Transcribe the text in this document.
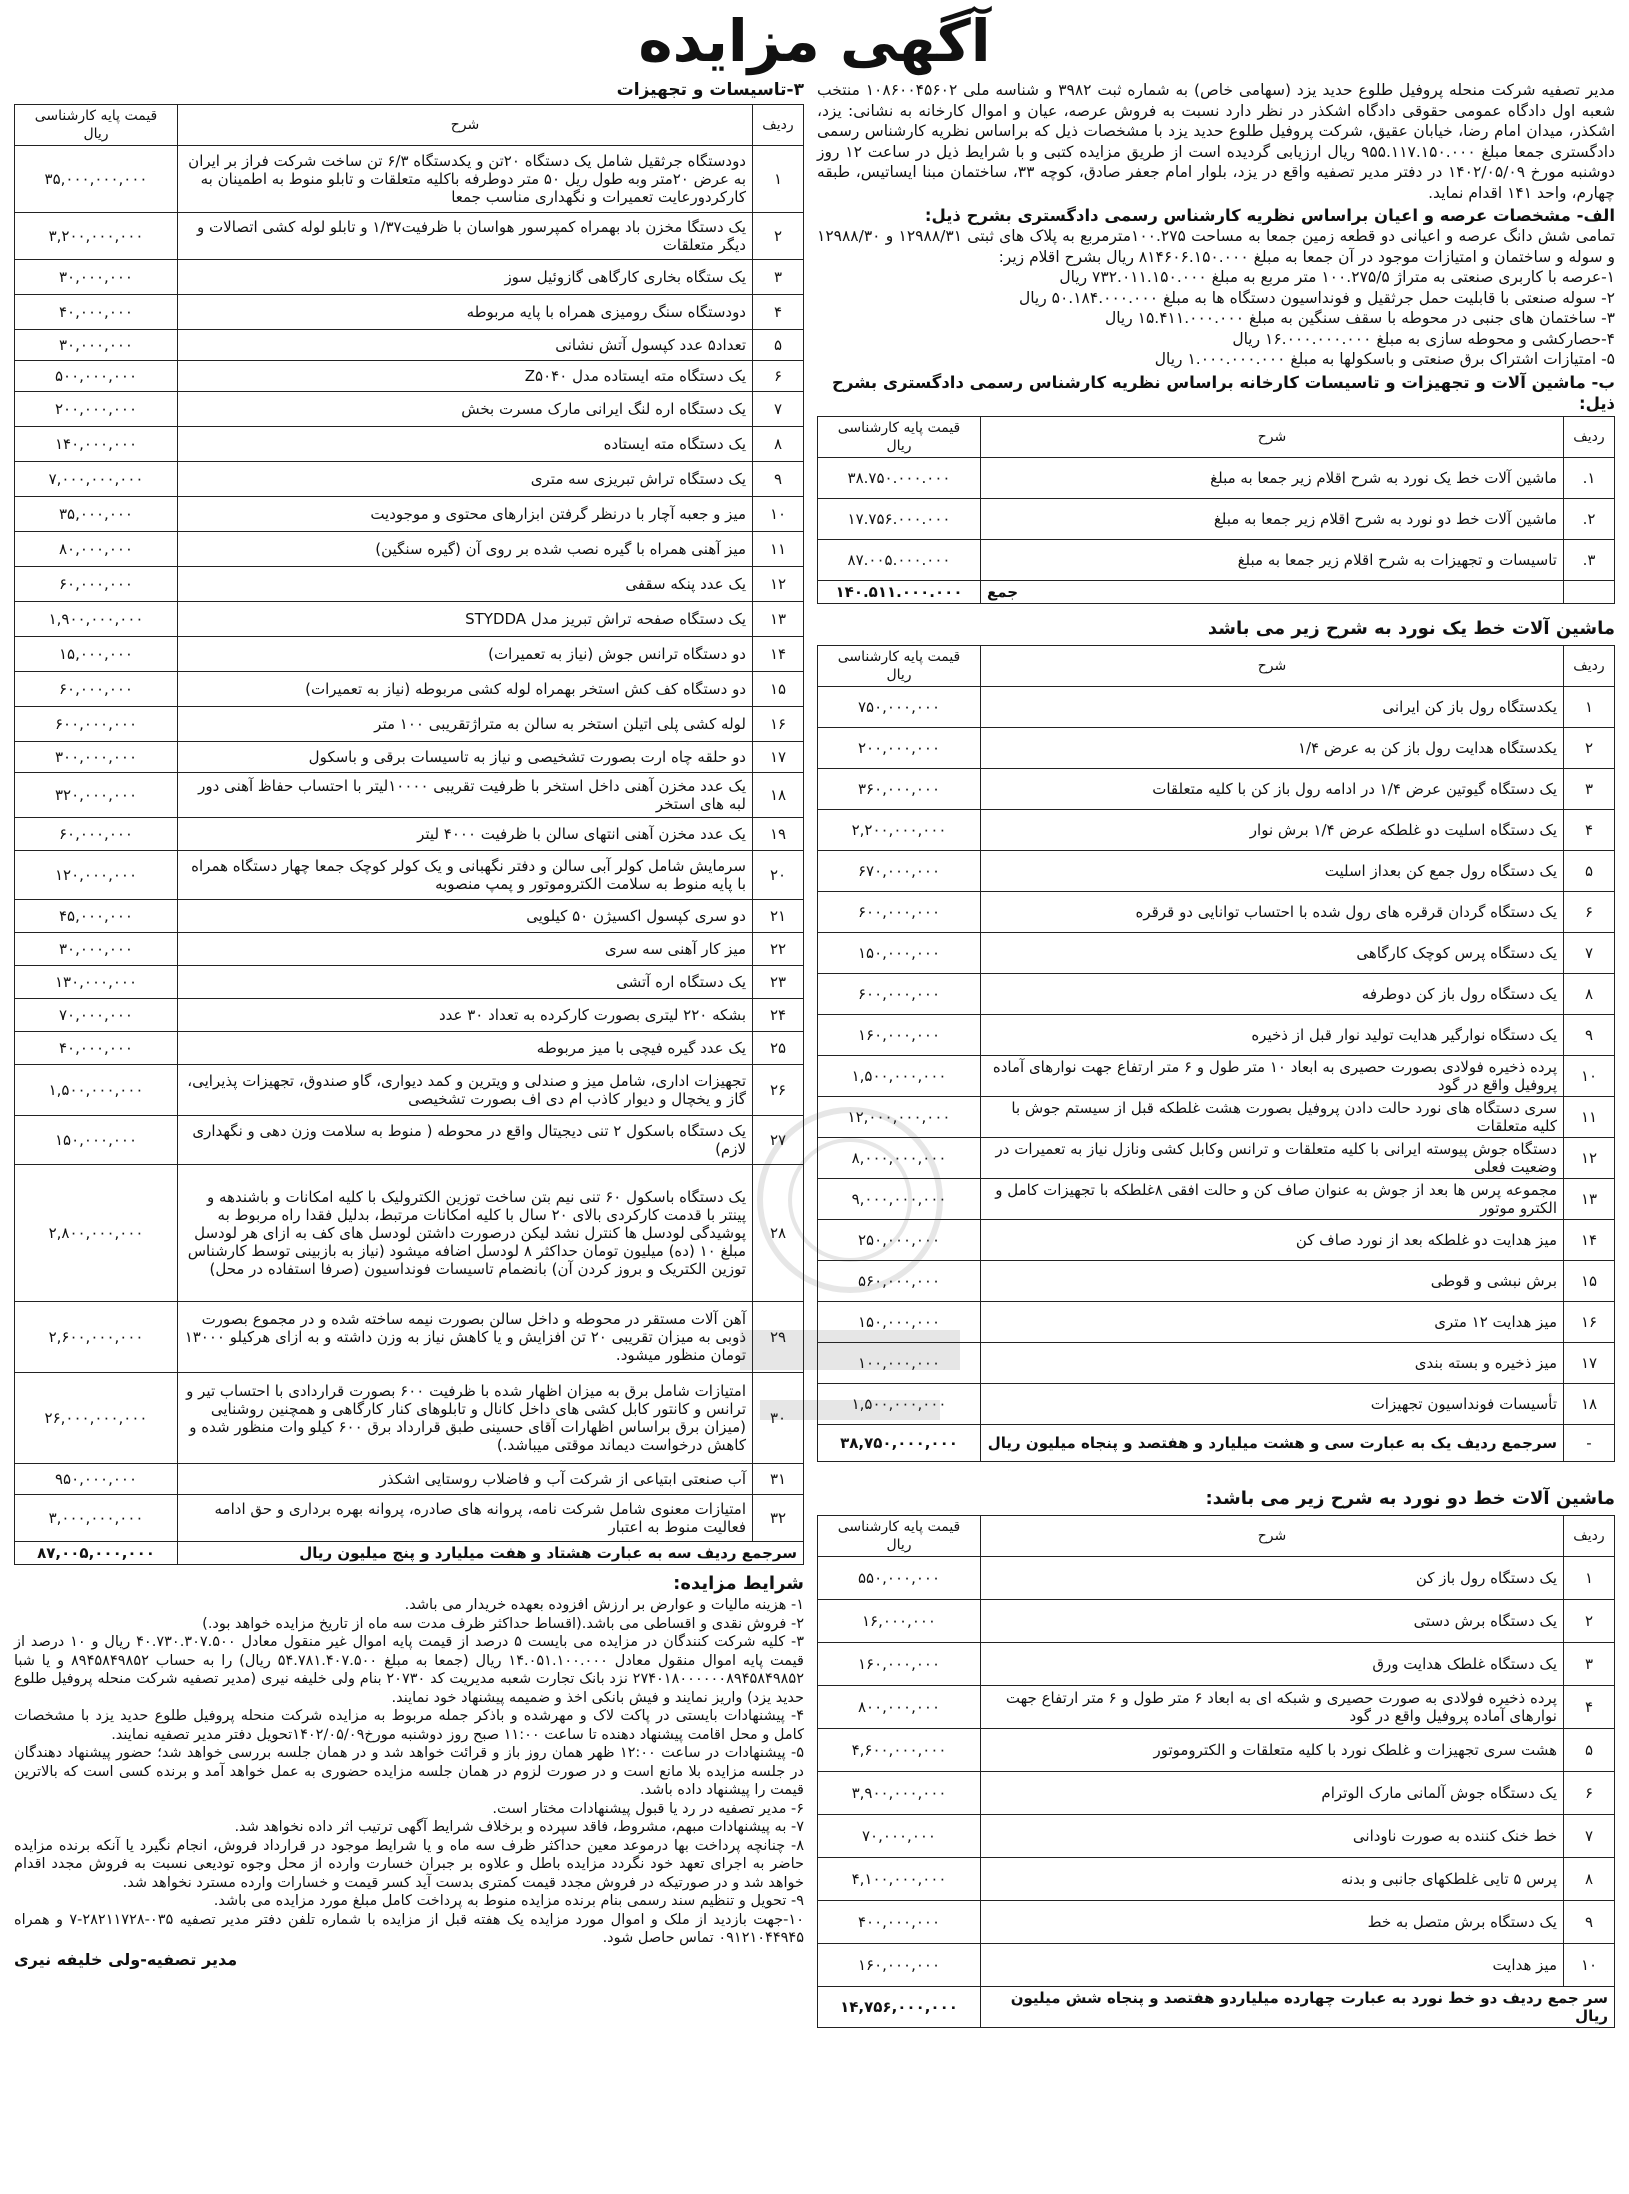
آگهی مزایده

مدیر تصفیه شرکت منحله پروفیل طلوع حدید یزد (سهامی خاص) به شماره ثبت ۳۹۸۲ و شناسه ملی ۱۰۸۶۰۰۴۵۶۰۲ منتخب شعبه اول دادگاه عمومی حقوقی دادگاه اشکذر در نظر دارد نسبت به فروش عرصه، عیان و اموال کارخانه به نشانی: یزد، اشکذر، میدان امام رضا، خیابان عقیق، شرکت پروفیل طلوع حدید یزد با مشخصات ذیل که براساس نظریه کارشناس رسمی دادگستری جمعا مبلغ ۹۵۵.۱۱۷.۱۵۰.۰۰۰ ریال ارزیابی گردیده است از طریق مزایده کتبی و با شرایط ذیل در ساعت ۱۲ روز دوشنبه مورخ ۱۴۰۲/۰۵/۰۹ در دفتر مدیر تصفیه واقع در یزد، بلوار امام جعفر صادق، کوچه ۳۳، ساختمان مبنا ایساتیس، طبقه چهارم، واحد ۱۴۱ اقدام نماید.

الف- مشخصات عرصه و اعیان براساس نظریه کارشناس رسمی دادگستری بشرح ذیل:

تمامی شش دانگ عرصه و اعیانی دو قطعه زمین جمعا به مساحت ۱۰۰.۲۷۵متر‌مربع به پلاک های ثبتی ۱۲۹۸۸/۳۱ و ۱۲۹۸۸/۳۰ و سوله و ساختمان و امتیازات موجود در آن جمعا به مبلغ ۸۱۴۶۰۶.۱۵۰.۰۰۰ ریال بشرح اقلام زیر:

۱-عرصه با کاربری صنعتی به متراژ ۱۰۰.۲۷۵/۵ متر مربع به مبلغ ۷۳۲.۰۱۱.۱۵۰.۰۰۰ ریال
۲- سوله صنعتی با قابلیت حمل جرثقیل و فونداسیون دستگاه ها به مبلغ ۵۰.۱۸۴.۰۰۰.۰۰۰ ریال
۳- ساختمان های جنبی در محوطه با سقف سنگین به مبلغ ۱۵.۴۱۱.۰۰۰.۰۰۰ ریال
۴-حصارکشی و محوطه سازی به مبلغ ۱۶.۰۰۰.۰۰۰.۰۰۰ ریال
۵- امتیازات اشتراک برق صنعتی و باسکولها به مبلغ ۱.۰۰۰.۰۰۰.۰۰۰ ریال
ب- ماشین آلات و تجهیزات و تاسیسات کارخانه براساس نظریه کارشناس رسمی دادگستری بشرح ذیل:
ردیف	شرح	قیمت پایه کارشناسی ریال
۱.	ماشین آلات خط یک نورد به شرح اقلام زیر جمعا به مبلغ	۳۸.۷۵۰.۰۰۰.۰۰۰
۲.	ماشین آلات خط دو نورد به شرح اقلام زیر جمعا به مبلغ	۱۷.۷۵۶.۰۰۰.۰۰۰
۳.	تاسیسات و تجهیزات به شرح اقلام زیر جمعا به مبلغ	۸۷.۰۰۵.۰۰۰.۰۰۰
	جمع	۱۴۰.۵۱۱.۰۰۰.۰۰۰
ماشین آلات خط یک نورد به شرح زیر می باشد
ردیف	شرح	قیمت پایه کارشناسی ریال
۱	یکدستگاه رول باز کن ایرانی	۷۵۰,۰۰۰,۰۰۰
۲	یکدستگاه هدایت رول باز کن به عرض ۱/۴	۲۰۰,۰۰۰,۰۰۰
۳	یک دستگاه گیوتین عرض ۱/۴ در ادامه رول باز کن با کلیه متعلقات	۳۶۰,۰۰۰,۰۰۰
۴	یک دستگاه اسلیت دو غلطکه عرض ۱/۴ برش نوار	۲,۲۰۰,۰۰۰,۰۰۰
۵	یک دستگاه رول جمع کن بعداز اسلیت	۶۷۰,۰۰۰,۰۰۰
۶	یک دستگاه گردان قرقره های رول شده با احتساب توانایی دو قرقره	۶۰۰,۰۰۰,۰۰۰
۷	یک دستگاه پرس کوچک کارگاهی	۱۵۰,۰۰۰,۰۰۰
۸	یک دستگاه رول باز کن دوطرفه	۶۰۰,۰۰۰,۰۰۰
۹	یک دستگاه نوارگیر هدایت تولید نوار قبل از ذخیره	۱۶۰,۰۰۰,۰۰۰
۱۰	پرده ذخیره فولادی بصورت حصیری به ابعاد ۱۰ متر طول و ۶ متر ارتفاع جهت نوارهای آماده پروفیل واقع در گود	۱,۵۰۰,۰۰۰,۰۰۰
۱۱	سری دستگاه های نورد حالت دادن پروفیل بصورت هشت غلطکه قبل از سیستم جوش با کلیه متعلقات	۱۲,۰۰۰,۰۰۰,۰۰۰
۱۲	دستگاه جوش پیوسته ایرانی با کلیه متعلقات و ترانس وکابل کشی ونازل نیاز به تعمیرات در وضعیت فعلی	۸,۰۰۰,۰۰۰,۰۰۰
۱۳	مجموعه پرس ها بعد از جوش به عنوان صاف کن و حالت افقی ۸غلطکه با تجهیزات کامل و الکترو موتور	۹,۰۰۰,۰۰۰,۰۰۰
۱۴	میز هدایت دو غلطکه بعد از نورد صاف کن	۲۵۰,۰۰۰,۰۰۰
۱۵	برش نبشی و قوطی	۵۶۰,۰۰۰,۰۰۰
۱۶	میز هدایت ۱۲ متری	۱۵۰,۰۰۰,۰۰۰
۱۷	میز ذخیره و بسته بندی	۱۰۰,۰۰۰,۰۰۰
۱۸	تأسیسات فونداسیون تجهیزات	۱,۵۰۰,۰۰۰,۰۰۰
-	سرجمع ردیف یک به عبارت سی و هشت میلیارد و هفتصد و پنجاه میلیون ریال	۳۸,۷۵۰,۰۰۰,۰۰۰
ماشین آلات خط دو نورد به شرح زیر می باشد:
ردیف	شرح	قیمت پایه کارشناسی ریال
۱	یک دستگاه رول باز کن	۵۵۰,۰۰۰,۰۰۰
۲	یک دستگاه برش دستی	۱۶,۰۰۰,۰۰۰
۳	یک دستگاه غلطک هدایت ورق	۱۶۰,۰۰۰,۰۰۰
۴	پرده ذخیره فولادی به صورت حصیری و شبکه ای به ابعاد ۶ متر طول و ۶ متر ارتفاع جهت نوارهای آماده پروفیل واقع در گود	۸۰۰,۰۰۰,۰۰۰
۵	هشت سری تجهیزات و غلطک نورد با کلیه متعلقات و الکتروموتور	۴,۶۰۰,۰۰۰,۰۰۰
۶	یک دستگاه جوش آلمانی مارک الوترام	۳,۹۰۰,۰۰۰,۰۰۰
۷	خط خنک کننده به صورت ناودانی	۷۰,۰۰۰,۰۰۰
۸	پرس ۵ تایی غلطکهای جانبی و بدنه	۴,۱۰۰,۰۰۰,۰۰۰
۹	یک دستگاه برش متصل به خط	۴۰۰,۰۰۰,۰۰۰
۱۰	میز هدایت	۱۶۰,۰۰۰,۰۰۰
سر جمع ردیف دو خط نورد به عبارت چهارده میلیاردو هفتصد و پنجاه شش میلیون ریال		۱۴,۷۵۶,۰۰۰,۰۰۰
۳-تاسیسات و تجهیزات
ردیف	شرح	قیمت پایه کارشناسی ریال
۱	دودستگاه جرثقیل شامل یک دستگاه ۲۰تن و یکدستگاه ۶/۳ تن ساخت شرکت فراز بر ایران به عرض ۲۰متر وبه طول ریل ۵۰ متر دوطرفه باکلیه متعلقات و تابلو منوط به اطمینان به کارکردورعایت تعمیرات و نگهداری مناسب جمعا	۳۵,۰۰۰,۰۰۰,۰۰۰
۲	یک دستگا مخزن باد بهمراه کمپرسور هواسان با ظرفیت۱/۳۷ و تابلو لوله کشی اتصالات و دیگر متعلقات	۳,۲۰۰,۰۰۰,۰۰۰
۳	یک ستگاه بخاری کارگاهی گازوئیل سوز	۳۰,۰۰۰,۰۰۰
۴	دودستگاه سنگ رومیزی همراه با پایه مربوطه	۴۰,۰۰۰,۰۰۰
۵	تعداد۵ عدد کپسول آتش نشانی	۳۰,۰۰۰,۰۰۰
۶	یک دستگاه مته ایستاده مدل Z۵۰۴۰	۵۰۰,۰۰۰,۰۰۰
۷	یک دستگاه اره لنگ ایرانی مارک مسرت بخش	۲۰۰,۰۰۰,۰۰۰
۸	یک دستگاه مته ایستاده	۱۴۰,۰۰۰,۰۰۰
۹	یک دستگاه تراش تبریزی سه متری	۷,۰۰۰,۰۰۰,۰۰۰
۱۰	میز و جعبه آچار با درنظر گرفتن ابزارهای محتوی و موجودیت	۳۵,۰۰۰,۰۰۰
۱۱	میز آهنی همراه با گیره نصب شده بر روی آن (گیره سنگین)	۸۰,۰۰۰,۰۰۰
۱۲	یک عدد پنکه سقفی	۶۰,۰۰۰,۰۰۰
۱۳	یک دستگاه صفحه تراش تبریز مدل STYDDA	۱,۹۰۰,۰۰۰,۰۰۰
۱۴	دو دستگاه ترانس جوش (نیاز به تعمیرات)	۱۵,۰۰۰,۰۰۰
۱۵	دو دستگاه کف کش استخر بهمراه لوله کشی مربوطه (نیاز به تعمیرات)	۶۰,۰۰۰,۰۰۰
۱۶	لوله کشی پلی اتیلن استخر به سالن به متراژتقریبی ۱۰۰ متر	۶۰۰,۰۰۰,۰۰۰
۱۷	دو حلقه چاه ارت بصورت تشخیصی و نیاز به تاسیسات برقی و باسکول	۳۰۰,۰۰۰,۰۰۰
۱۸	یک عدد مخزن آهنی داخل استخر با ظرفیت تقریبی ۱۰۰۰۰لیتر با احتساب حفاظ آهنی دور لبه های استخر	۳۲۰,۰۰۰,۰۰۰
۱۹	یک عدد مخزن آهنی انتهای سالن با ظرفیت ۴۰۰۰ لیتر	۶۰,۰۰۰,۰۰۰
۲۰	سرمایش شامل کولر آبی سالن و دفتر نگهبانی و یک کولر کوچک جمعا چهار دستگاه همراه با پایه منوط به سلامت الکتروموتور و پمپ منصوبه	۱۲۰,۰۰۰,۰۰۰
۲۱	دو سری کپسول اکسیژن ۵۰ کیلویی	۴۵,۰۰۰,۰۰۰
۲۲	میز کار آهنی سه سری	۳۰,۰۰۰,۰۰۰
۲۳	یک دستگاه اره آتشی	۱۳۰,۰۰۰,۰۰۰
۲۴	بشکه ۲۲۰ لیتری بصورت کارکرده به تعداد ۳۰ عدد	۷۰,۰۰۰,۰۰۰
۲۵	یک عدد گیره فیچی با میز مربوطه	۴۰,۰۰۰,۰۰۰
۲۶	تجهیزات اداری، شامل میز و صندلی و ویترین و کمد دیواری، گاو صندوق، تجهیزات پذیرایی، گاز و یخچال و دیوار کاذب ام دی اف بصورت تشخیصی	۱,۵۰۰,۰۰۰,۰۰۰
۲۷	یک دستگاه باسکول ۲ تنی دیجیتال واقع در محوطه ( منوط به سلامت وزن دهی و نگهداری لازم)	۱۵۰,۰۰۰,۰۰۰
۲۸	یک دستگاه باسکول ۶۰ تنی نیم بتن ساخت توزین الکترولیک با کلیه امکانات و باشندهه و پینتر با قدمت کارکردی بالای ۲۰ سال با کلیه امکانات مرتبط، بدلیل فقدا راه مربوط به پوشیدگی لودسل ها کنترل نشد لیکن درصورت داشتن لودسل های کف به ازای هر لودسل مبلغ ۱۰ (ده) میلیون تومان حداکثر ۸ لودسل اضافه میشود (نیاز به بازبینی توسط کارشناس توزین الکتریک و بروز کردن آن) بانضمام تاسیسات فونداسیون (صرفا استفاده در محل)	۲,۸۰۰,۰۰۰,۰۰۰
۲۹	آهن آلات مستقر در محوطه و داخل سالن بصورت نیمه ساخته شده و در مجموع بصورت ذوبی به میزان تقریبی ۲۰ تن افزایش و یا کاهش نیاز به وزن داشته و به ازای هرکیلو ۱۳۰۰۰ تومان منظور میشود.	۲,۶۰۰,۰۰۰,۰۰۰
۳۰	امتیازات شامل برق به میزان اظهار شده با ظرفیت ۶۰۰ بصورت قراردادی با احتساب تیر و ترانس و کانتور کابل کشی های داخل کانال و تابلوهای کنار کارگاهی و همچنین روشنایی (میزان برق براساس اظهارات آقای حسینی طبق قرارداد برق ۶۰۰ کیلو وات منظور شده و کاهش درخواست دیماند موقتی میباشد.)	۲۶,۰۰۰,۰۰۰,۰۰۰
۳۱	آب صنعتی ابتیاعی از شرکت آب و فاضلاب روستایی اشکذر	۹۵۰,۰۰۰,۰۰۰
۳۲	امتیازات معنوی شامل شرکت نامه، پروانه های صادره، پروانه بهره برداری و حق ادامه فعالیت منوط به اعتبار	۳,۰۰۰,۰۰۰,۰۰۰
سرجمع ردیف سه به عبارت هشتاد و هفت میلیارد و پنج میلیون ریال		۸۷,۰۰۵,۰۰۰,۰۰۰
شرایط مزایده:

۱- هزینه مالیات و عوارض بر ارزش افزوده بعهده خریدار می باشد.

۲- فروش نقدی و اقساطی می باشد.(اقساط حداکثر ظرف مدت سه ماه از تاریخ مزایده خواهد بود.)

۳- کلیه شرکت کنندگان در مزایده می بایست ۵ درصد از قیمت پایه اموال غیر منقول معادل ۴۰.۷۳۰.۳۰۷.۵۰۰ ریال و ۱۰ درصد از قیمت پایه اموال منقول معادل ۱۴.۰۵۱.۱۰۰.۰۰۰ ریال (جمعا به مبلغ ۵۴.۷۸۱.۴۰۷.۵۰۰ ریال) را به حساب ۸۹۴۵۸۴۹۸۵۲ و یا شبا ۲۷۴۰۱۸۰۰۰۰۰۰۸۹۴۵۸۴۹۸۵۲ نزد بانک تجارت شعبه مدیریت کد ۲۰۷۳۰ بنام ولی خلیفه نیری (مدیر تصفیه شرکت منحله پروفیل طلوع حدید یزد) واریز نمایند و فیش بانکی اخذ و ضمیمه پیشنهاد خود نمایند.

۴- پیشنهادات بایستی در پاکت لاک و مهرشده و باذکر جمله مربوط به مزایده شرکت منحله پروفیل طلوع حدید یزد با مشخصات کامل و محل اقامت پیشنهاد دهنده تا ساعت ۱۱:۰۰ صبح روز دوشنبه مورخ۱۴۰۲/۰۵/۰۹تحویل دفتر مدیر تصفیه نمایند.

۵- پیشنهادات در ساعت ۱۲:۰۰ ظهر همان روز باز و قرائت خواهد شد و در همان جلسه بررسی خواهد شد؛ حضور پیشنهاد دهندگان در جلسه مزایده بلا مانع است و در صورت لزوم در همان جلسه مزایده حضوری به عمل خواهد آمد و برنده کسی است که بالاترین قیمت را پیشنهاد داده باشد.

۶- مدیر تصفیه در رد یا قبول پیشنهادات مختار است.

۷- به پیشنهادات مبهم، مشروط، فاقد سپرده و برخلاف شرایط آگهی ترتیب اثر داده نخواهد شد.

۸- چنانچه پرداخت بها درموعد معین حداکثر ظرف سه ماه و یا شرایط موجود در قرارداد فروش، انجام نگیرد یا آنکه برنده مزایده حاضر به اجرای تعهد خود نگردد مزایده باطل و علاوه بر جبران خسارت وارده از محل وجوه تودیعی نسبت به فروش مجدد اقدام خواهد شد و در صورتیکه در فروش مجدد قیمت کمتری بدست آید کسر قیمت و خسارات وارده مسترد نخواهد شد.

۹- تحویل و تنظیم سند رسمی بنام برنده مزایده منوط به پرداخت کامل مبلغ مورد مزایده می باشد.

۱۰-جهت بازدید از ملک و اموال مورد مزایده یک هفته قبل از مزایده با شماره تلفن دفتر مدیر تصفیه ۰۳۵-۲۸۲۱۱۷۲۸-۷ و همراه ۰۹۱۲۱۰۴۴۹۴۵ تماس حاصل شود.

مدیر تصفیه-ولی خلیفه نیری
